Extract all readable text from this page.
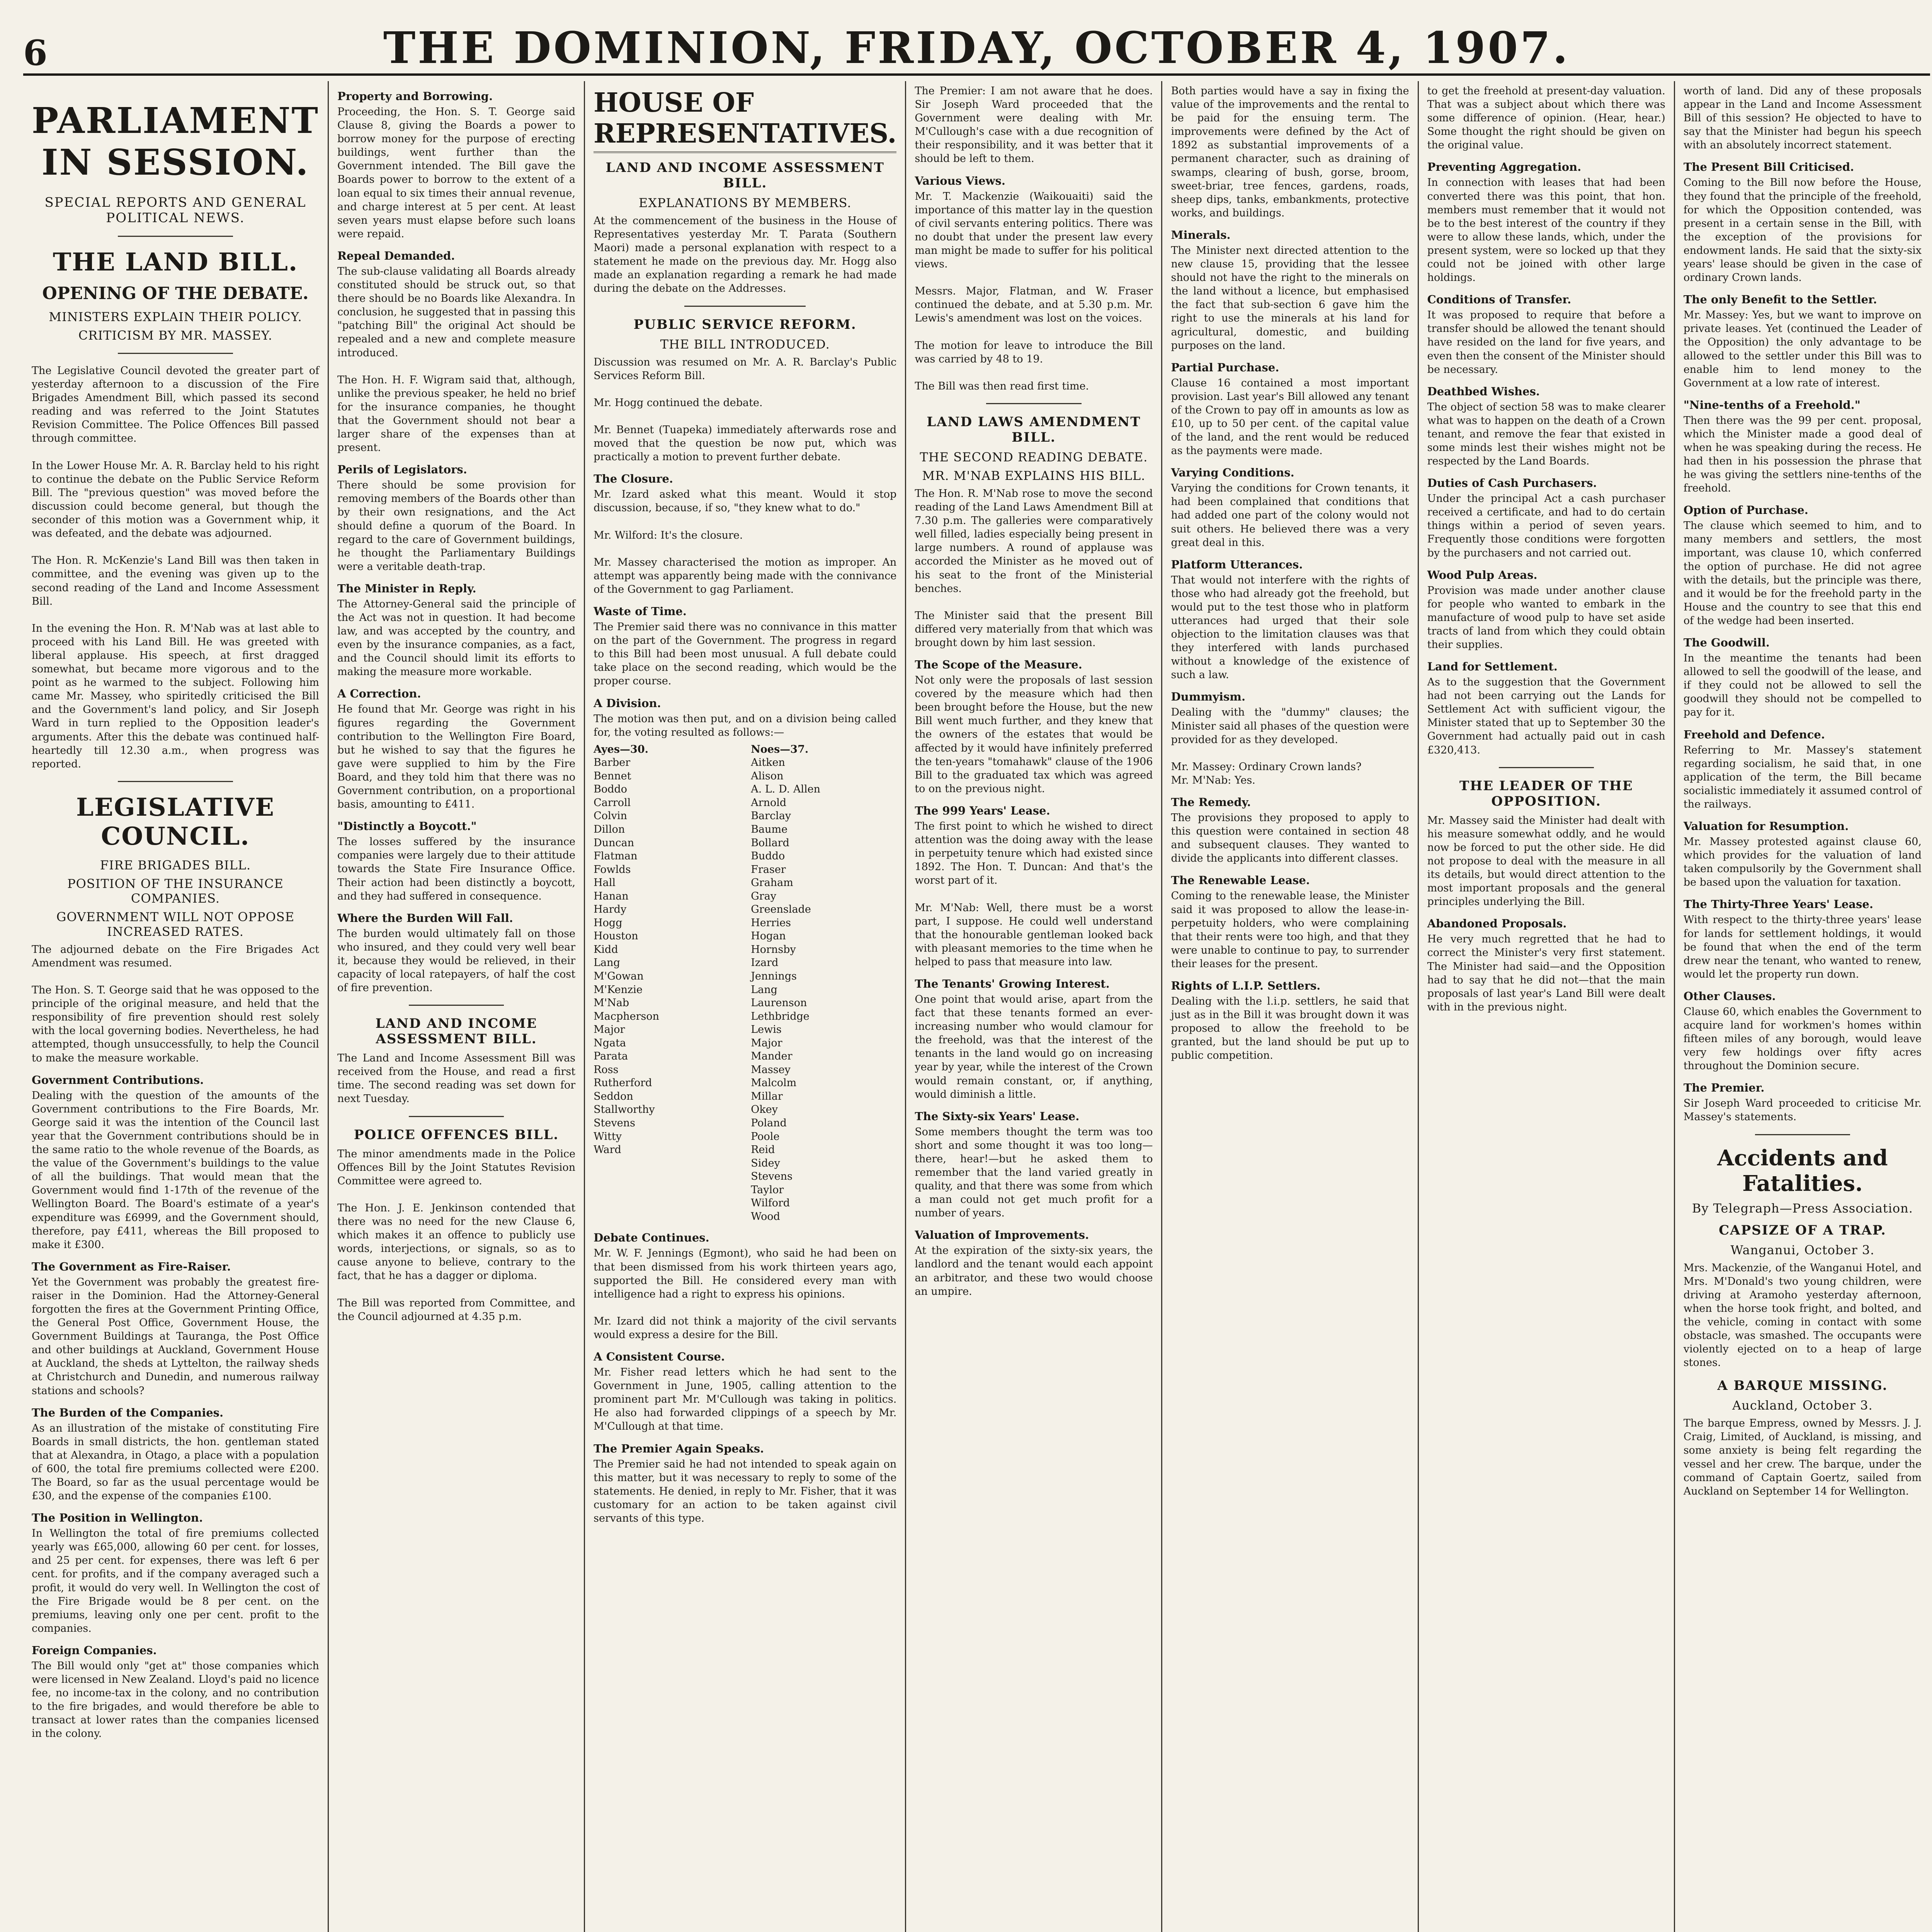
6	THE DOMINION, FRIDAY, OCTOBER 4, 1907.
PARLIAMENT IN SESSION.
SPECIAL REPORTS AND GENERAL POLITICAL NEWS.
THE LAND BILL.
OPENING OF THE DEBATE.
MINISTERS EXPLAIN THEIR POLICY.
CRITICISM BY MR. MASSEY.

The Legislative Council devoted the greater part of yesterday afternoon to a discussion of the Fire Brigades Amendment Bill, which passed its second reading and was referred to the Joint Statutes Revision Committee. The Police Offences Bill passed through committee.

In the Lower House Mr. A. R. Barclay held to his right to continue the debate on the Public Service Reform Bill. The "previous question" was moved before the discussion could become general, but though the seconder of this motion was a Government whip, it was defeated, and the debate was adjourned.

The Hon. R. McKenzie's Land Bill was then taken in committee, and the evening was given up to the second reading of the Land and Income Assessment Bill.

In the evening the Hon. R. M'Nab was at last able to proceed with his Land Bill. He was greeted with liberal applause. His speech, at first dragged somewhat, but became more vigorous and to the point as he warmed to the subject. Following him came Mr. Massey, who spiritedly criticised the Bill and the Government's land policy, and Sir Joseph Ward in turn replied to the Opposition leader's arguments. After this the debate was continued half-heartedly till 12.30 a.m., when progress was reported.

LEGISLATIVE COUNCIL.
FIRE BRIGADES BILL.
POSITION OF THE INSURANCE COMPANIES.
GOVERNMENT WILL NOT OPPOSE INCREASED RATES.

The adjourned debate on the Fire Brigades Act Amendment was resumed.

The Hon. S. T. George said that he was opposed to the principle of the original measure, and held that the responsibility of fire prevention should rest solely with the local governing bodies. Nevertheless, he had attempted, though unsuccessfully, to help the Council to make the measure workable.

Government Contributions.

Dealing with the question of the amounts of the Government contributions to the Fire Boards, Mr. George said it was the intention of the Council last year that the Government contributions should be in the same ratio to the whole revenue of the Boards, as the value of the Government's buildings to the value of all the buildings. That would mean that the Government would find 1-17th of the revenue of the Wellington Board. The Board's estimate of a year's expenditure was £6999, and the Government should, therefore, pay £411, whereas the Bill proposed to make it £300.

The Government as Fire-Raiser.

Yet the Government was probably the greatest fire-raiser in the Dominion. Had the Attorney-General forgotten the fires at the Government Printing Office, the General Post Office, Government House, the Government Buildings at Tauranga, the Post Office and other buildings at Auckland, Government House at Auckland, the sheds at Lyttelton, the railway sheds at Christchurch and Dunedin, and numerous railway stations and schools?

The Burden of the Companies.

As an illustration of the mistake of constituting Fire Boards in small districts, the hon. gentleman stated that at Alexandra, in Otago, a place with a population of 600, the total fire premiums collected were £200. The Board, so far as the usual percentage would be £30, and the expense of the companies £100.

The Position in Wellington.

In Wellington the total of fire premiums collected yearly was £65,000, allowing 60 per cent. for losses, and 25 per cent. for expenses, there was left 6 per cent. for profits, and if the company averaged such a profit, it would do very well. In Wellington the cost of the Fire Brigade would be 8 per cent. on the premiums, leaving only one per cent. profit to the companies.

Foreign Companies.

The Bill would only "get at" those companies which were licensed in New Zealand. Lloyd's paid no licence fee, no income-tax in the colony, and no contribution to the fire brigades, and would therefore be able to transact at lower rates than the companies licensed in the colony.

Property and Borrowing.

Proceeding, the Hon. S. T. George said Clause 8, giving the Boards a power to borrow money for the purpose of erecting buildings, went further than the Government intended. The Bill gave the Boards power to borrow to the extent of a loan equal to six times their annual revenue, and charge interest at 5 per cent. At least seven years must elapse before such loans were repaid.

Repeal Demanded.

The sub-clause validating all Boards already constituted should be struck out, so that there should be no Boards like Alexandra. In conclusion, he suggested that in passing this "patching Bill" the original Act should be repealed and a new and complete measure introduced.

The Hon. H. F. Wigram said that, although, unlike the previous speaker, he held no brief for the insurance companies, he thought that the Government should not bear a larger share of the expenses than at present.

Perils of Legislators.

There should be some provision for removing members of the Boards other than by their own resignations, and the Act should define a quorum of the Board. In regard to the care of Government buildings, he thought the Parliamentary Buildings were a veritable death-trap.

The Minister in Reply.

The Attorney-General said the principle of the Act was not in question. It had become law, and was accepted by the country, and even by the insurance companies, as a fact, and the Council should limit its efforts to making the measure more workable.

A Correction.

He found that Mr. George was right in his figures regarding the Government contribution to the Wellington Fire Board, but he wished to say that the figures he gave were supplied to him by the Fire Board, and they told him that there was no Government contribution, on a proportional basis, amounting to £411.

"Distinctly a Boycott."

The losses suffered by the insurance companies were largely due to their attitude towards the State Fire Insurance Office. Their action had been distinctly a boycott, and they had suffered in consequence.

Where the Burden Will Fall.

The burden would ultimately fall on those who insured, and they could very well bear it, because they would be relieved, in their capacity of local ratepayers, of half the cost of fire prevention.

LAND AND INCOME ASSESSMENT BILL.

The Land and Income Assessment Bill was received from the House, and read a first time. The second reading was set down for next Tuesday.

POLICE OFFENCES BILL.

The minor amendments made in the Police Offences Bill by the Joint Statutes Revision Committee were agreed to.

The Hon. J. E. Jenkinson contended that there was no need for the new Clause 6, which makes it an offence to publicly use words, interjections, or signals, so as to cause anyone to believe, contrary to the fact, that he has a dagger or diploma.

The Bill was reported from Committee, and the Council adjourned at 4.35 p.m.

HOUSE OF REPRESENTATIVES.
LAND AND INCOME ASSESSMENT BILL.
EXPLANATIONS BY MEMBERS.

At the commencement of the business in the House of Representatives yesterday Mr. T. Parata (Southern Maori) made a personal explanation with respect to a statement he made on the previous day. Mr. Hogg also made an explanation regarding a remark he had made during the debate on the Addresses.

PUBLIC SERVICE REFORM.
THE BILL INTRODUCED.

Discussion was resumed on Mr. A. R. Barclay's Public Services Reform Bill.

Mr. Hogg continued the debate.

Mr. Bennet (Tuapeka) immediately afterwards rose and moved that the question be now put, which was practically a motion to prevent further debate.

The Closure.

Mr. Izard asked what this meant. Would it stop discussion, because, if so, "they knew what to do."

Mr. Wilford: It's the closure.

Mr. Massey characterised the motion as improper. An attempt was apparently being made with the connivance of the Government to gag Parliament.

Waste of Time.

The Premier said there was no connivance in this matter on the part of the Government. The progress in regard to this Bill had been most unusual. A full debate could take place on the second reading, which would be the proper course.

A Division.

The motion was then put, and on a division being called for, the voting resulted as follows:—

Ayes—30.
Barber
Bennet
Boddo
Carroll
Colvin
Dillon
Duncan
Flatman
Fowlds
Hall
Hanan
Hardy
Hogg
Houston
Kidd
Lang
M'Gowan
M'Kenzie
M'Nab
Macpherson
Major
Ngata
Parata
Ross
Rutherford
Seddon
Stallworthy
Stevens
Witty
Ward
Noes—37.
Aitken
Alison
A. L. D. Allen
Arnold
Barclay
Baume
Bollard
Buddo
Fraser
Graham
Gray
Greenslade
Herries
Hogan
Hornsby
Izard
Jennings
Lang
Laurenson
Lethbridge
Lewis
Major
Mander
Massey
Malcolm
Millar
Okey
Poland
Poole
Reid
Sidey
Stevens
Taylor
Wilford
Wood
Debate Continues.

Mr. W. F. Jennings (Egmont), who said he had been on that been dismissed from his work thirteen years ago, supported the Bill. He considered every man with intelligence had a right to express his opinions.

Mr. Izard did not think a majority of the civil servants would express a desire for the Bill.

A Consistent Course.

Mr. Fisher read letters which he had sent to the Government in June, 1905, calling attention to the prominent part Mr. M'Cullough was taking in politics. He also had forwarded clippings of a speech by Mr. M'Cullough at that time.

The Premier Again Speaks.

The Premier said he had not intended to speak again on this matter, but it was necessary to reply to some of the statements. He denied, in reply to Mr. Fisher, that it was customary for an action to be taken against civil servants of this type.

The Premier: I am not aware that he does. Sir Joseph Ward proceeded that the Government were dealing with Mr. M'Cullough's case with a due recognition of their responsibility, and it was better that it should be left to them.

Various Views.

Mr. T. Mackenzie (Waikouaiti) said the importance of this matter lay in the question of civil servants entering politics. There was no doubt that under the present law every man might be made to suffer for his political views.

Messrs. Major, Flatman, and W. Fraser continued the debate, and at 5.30 p.m. Mr. Lewis's amendment was lost on the voices.

The motion for leave to introduce the Bill was carried by 48 to 19.

The Bill was then read first time.

LAND LAWS AMENDMENT BILL.
THE SECOND READING DEBATE.
MR. M'NAB EXPLAINS HIS BILL.

The Hon. R. M'Nab rose to move the second reading of the Land Laws Amendment Bill at 7.30 p.m. The galleries were comparatively well filled, ladies especially being present in large numbers. A round of applause was accorded the Minister as he moved out of his seat to the front of the Ministerial benches.

The Minister said that the present Bill differed very materially from that which was brought down by him last session.

The Scope of the Measure.

Not only were the proposals of last session covered by the measure which had then been brought before the House, but the new Bill went much further, and they knew that the owners of the estates that would be affected by it would have infinitely preferred the ten-years "tomahawk" clause of the 1906 Bill to the graduated tax which was agreed to on the previous night.

The 999 Years' Lease.

The first point to which he wished to direct attention was the doing away with the lease in perpetuity tenure which had existed since 1892. The Hon. T. Duncan: And that's the worst part of it.

Mr. M'Nab: Well, there must be a worst part, I suppose. He could well understand that the honourable gentleman looked back with pleasant memories to the time when he helped to pass that measure into law.

The Tenants' Growing Interest.

One point that would arise, apart from the fact that these tenants formed an ever-increasing number who would clamour for the freehold, was that the interest of the tenants in the land would go on increasing year by year, while the interest of the Crown would remain constant, or, if anything, would diminish a little.

The Sixty-six Years' Lease.

Some members thought the term was too short and some thought it was too long—there, hear!—but he asked them to remember that the land varied greatly in quality, and that there was some from which a man could not get much profit for a number of years.

Valuation of Improvements.

At the expiration of the sixty-six years, the landlord and the tenant would each appoint an arbitrator, and these two would choose an umpire.

Both parties would have a say in fixing the value of the improvements and the rental to be paid for the ensuing term. The improvements were defined by the Act of 1892 as substantial improvements of a permanent character, such as draining of swamps, clearing of bush, gorse, broom, sweet-briar, tree fences, gardens, roads, sheep dips, tanks, embankments, protective works, and buildings.

Minerals.

The Minister next directed attention to the new clause 15, providing that the lessee should not have the right to the minerals on the land without a licence, but emphasised the fact that sub-section 6 gave him the right to use the minerals at his land for agricultural, domestic, and building purposes on the land.

Partial Purchase.

Clause 16 contained a most important provision. Last year's Bill allowed any tenant of the Crown to pay off in amounts as low as £10, up to 50 per cent. of the capital value of the land, and the rent would be reduced as the payments were made.

Varying Conditions.

Varying the conditions for Crown tenants, it had been complained that conditions that had added one part of the colony would not suit others. He believed there was a very great deal in this.

Platform Utterances.

That would not interfere with the rights of those who had already got the freehold, but would put to the test those who in platform utterances had urged that their sole objection to the limitation clauses was that they interfered with lands purchased without a knowledge of the existence of such a law.

Dummyism.

Dealing with the "dummy" clauses; the Minister said all phases of the question were provided for as they developed.

Mr. Massey: Ordinary Crown lands?
Mr. M'Nab: Yes.

The Remedy.

The provisions they proposed to apply to this question were contained in section 48 and subsequent clauses. They wanted to divide the applicants into different classes.

The Renewable Lease.

Coming to the renewable lease, the Minister said it was proposed to allow the lease-in-perpetuity holders, who were complaining that their rents were too high, and that they were unable to continue to pay, to surrender their leases for the present.

Rights of L.I.P. Settlers.

Dealing with the l.i.p. settlers, he said that just as in the Bill it was brought down it was proposed to allow the freehold to be granted, but the land should be put up to public competition.

to get the freehold at present-day valuation. That was a subject about which there was some difference of opinion. (Hear, hear.) Some thought the right should be given on the original value.

Preventing Aggregation.

In connection with leases that had been converted there was this point, that hon. members must remember that it would not be to the best interest of the country if they were to allow these lands, which, under the present system, were so locked up that they could not be joined with other large holdings.

Conditions of Transfer.

It was proposed to require that before a transfer should be allowed the tenant should have resided on the land for five years, and even then the consent of the Minister should be necessary.

Deathbed Wishes.

The object of section 58 was to make clearer what was to happen on the death of a Crown tenant, and remove the fear that existed in some minds lest their wishes might not be respected by the Land Boards.

Duties of Cash Purchasers.

Under the principal Act a cash purchaser received a certificate, and had to do certain things within a period of seven years. Frequently those conditions were forgotten by the purchasers and not carried out.

Wood Pulp Areas.

Provision was made under another clause for people who wanted to embark in the manufacture of wood pulp to have set aside tracts of land from which they could obtain their supplies.

Land for Settlement.

As to the suggestion that the Government had not been carrying out the Lands for Settlement Act with sufficient vigour, the Minister stated that up to September 30 the Government had actually paid out in cash £320,413.

THE LEADER OF THE OPPOSITION.

Mr. Massey said the Minister had dealt with his measure somewhat oddly, and he would now be forced to put the other side. He did not propose to deal with the measure in all its details, but would direct attention to the most important proposals and the general principles underlying the Bill.

Abandoned Proposals.

He very much regretted that he had to correct the Minister's very first statement. The Minister had said—and the Opposition had to say that he did not—that the main proposals of last year's Land Bill were dealt with in the previous night.

worth of land. Did any of these proposals appear in the Land and Income Assessment Bill of this session? He objected to have to say that the Minister had begun his speech with an absolutely incorrect statement.

The Present Bill Criticised.

Coming to the Bill now before the House, they found that the principle of the freehold, for which the Opposition contended, was present in a certain sense in the Bill, with the exception of the provisions for endowment lands. He said that the sixty-six years' lease should be given in the case of ordinary Crown lands.

The only Benefit to the Settler.

Mr. Massey: Yes, but we want to improve on private leases. Yet (continued the Leader of the Opposition) the only advantage to be allowed to the settler under this Bill was to enable him to lend money to the Government at a low rate of interest.

"Nine-tenths of a Freehold."

Then there was the 99 per cent. proposal, which the Minister made a good deal of when he was speaking during the recess. He had then in his possession the phrase that he was giving the settlers nine-tenths of the freehold.

Option of Purchase.

The clause which seemed to him, and to many members and settlers, the most important, was clause 10, which conferred the option of purchase. He did not agree with the details, but the principle was there, and it would be for the freehold party in the House and the country to see that this end of the wedge had been inserted.

The Goodwill.

In the meantime the tenants had been allowed to sell the goodwill of the lease, and if they could not be allowed to sell the goodwill they should not be compelled to pay for it.

Freehold and Defence.

Referring to Mr. Massey's statement regarding socialism, he said that, in one application of the term, the Bill became socialistic immediately it assumed control of the railways.

Valuation for Resumption.

Mr. Massey protested against clause 60, which provides for the valuation of land taken compulsorily by the Government shall be based upon the valuation for taxation.

The Thirty-Three Years' Lease.

With respect to the thirty-three years' lease for lands for settlement holdings, it would be found that when the end of the term drew near the tenant, who wanted to renew, would let the property run down.

Other Clauses.

Clause 60, which enables the Government to acquire land for workmen's homes within fifteen miles of any borough, would leave very few holdings over fifty acres throughout the Dominion secure.

The Premier.

Sir Joseph Ward proceeded to criticise Mr. Massey's statements.

Accidents and Fatalities.
By Telegraph—Press Association.
CAPSIZE OF A TRAP.
Wanganui, October 3.

Mrs. Mackenzie, of the Wanganui Hotel, and Mrs. M'Donald's two young children, were driving at Aramoho yesterday afternoon, when the horse took fright, and bolted, and the vehicle, coming in contact with some obstacle, was smashed. The occupants were violently ejected on to a heap of large stones.

A BARQUE MISSING.
Auckland, October 3.

The barque Empress, owned by Messrs. J. J. Craig, Limited, of Auckland, is missing, and some anxiety is being felt regarding the vessel and her crew. The barque, under the command of Captain Goertz, sailed from Auckland on September 14 for Wellington.
